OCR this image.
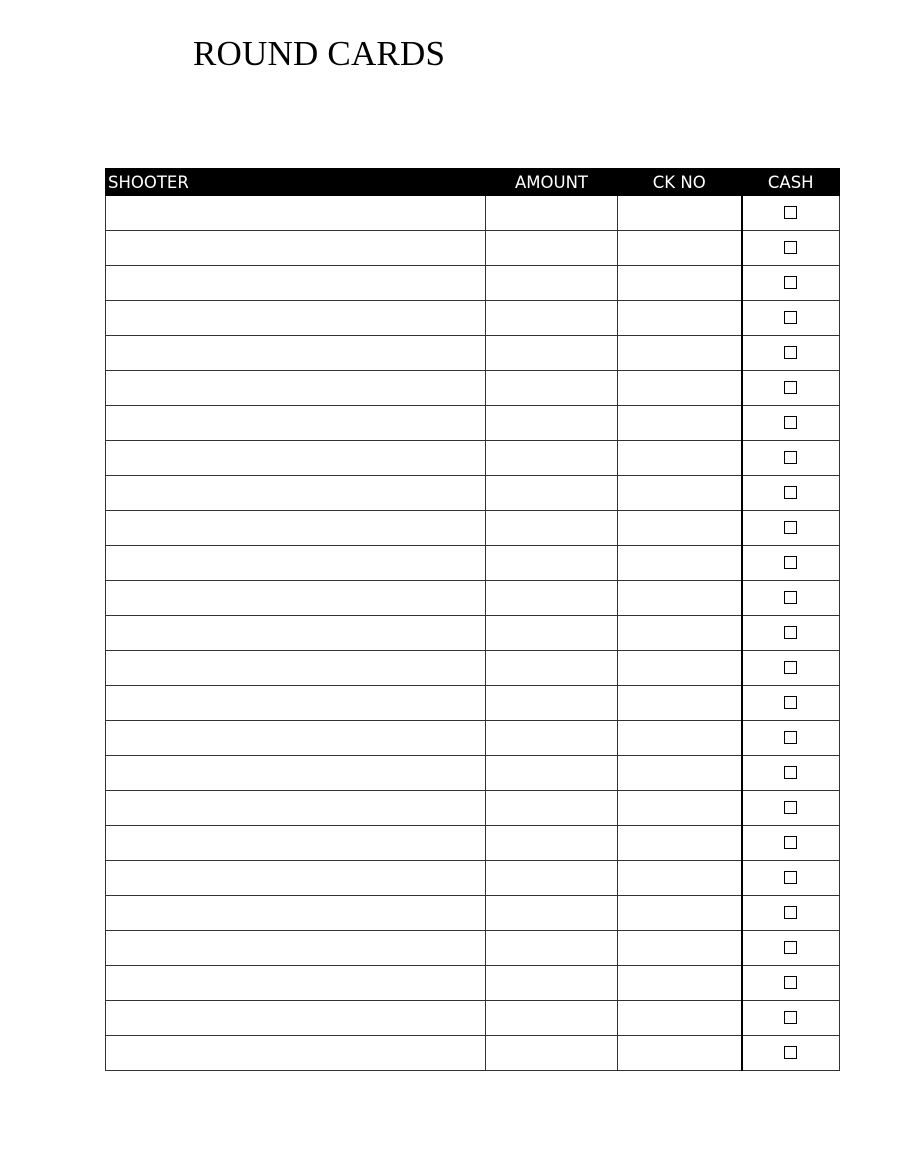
ROUND CARDS
SHOOTER	AMOUNT	CK NO	CASH
